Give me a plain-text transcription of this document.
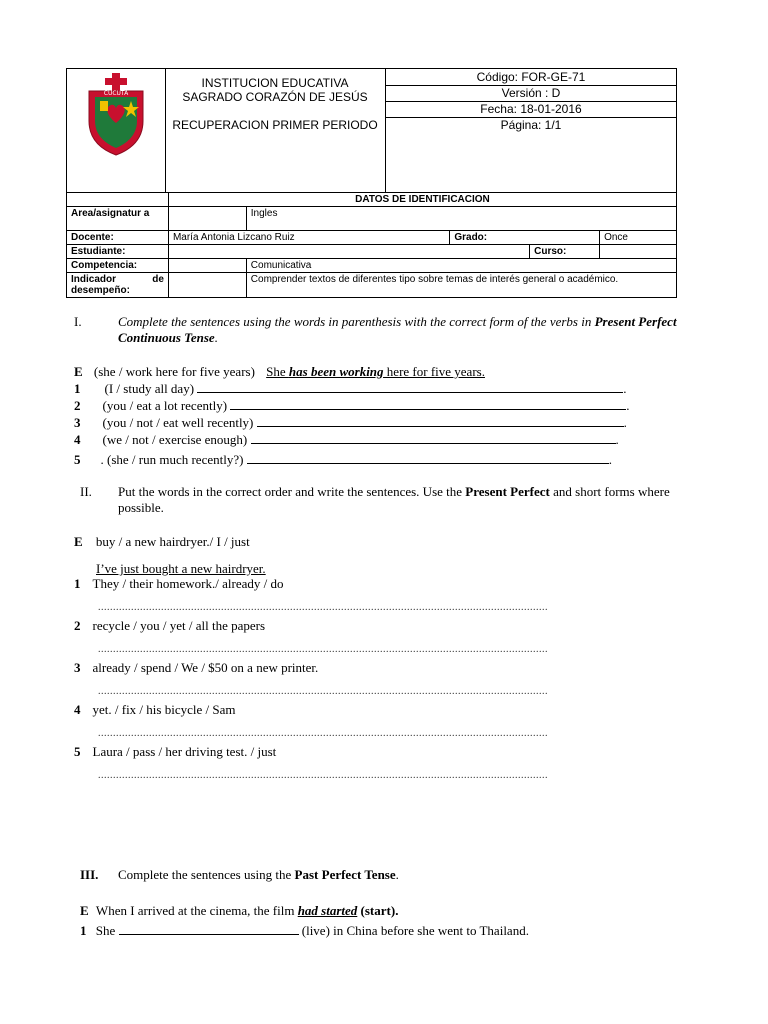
CUCUTA
INSTITUCION EDUCATIVA
SAGRADO CORAZÓN DE JESÚS
RECUPERACION PRIMER PERIODO
Código: FOR-GE-71
Versión : D
Fecha: 18-01-2016
Página: 1/1
	DATOS DE IDENTIFICACION				
Area/asignatur a		Ingles			
Docente:	María Antonia Lizcano Ruiz		Grado:		Once
Estudiante:				Curso:	
Competencia:		Comunicativa			
Indicador de desempeño:		Comprender textos de diferentes tipo sobre temas de interés general o académico.			
I.	Complete the sentences using the words in parenthesis with the correct form of the verbs in Present Perfect Continuous Tense.
E (she / work here for five years) She has been working here for five years.
1 (I / study all day)	.
2 (you / eat a lot recently)	.
3 (you / not / eat well recently)	.
4 (we / not / exercise enough)	.
5 . (she / run much recently?)	.
II. Put the words in the correct order and write the sentences. Use the Present Perfect and short forms where possible.
E buy / a new hairdryer./ I / just
I’ve just bought a new hairdryer.
1 They / their homework./ already / do
......................................................................................................................................................
2 recycle / you / yet / all the papers
......................................................................................................................................................
3 already / spend / We / $50 on a new printer.
......................................................................................................................................................
4 yet. / fix / his bicycle / Sam
......................................................................................................................................................
5 Laura / pass / her driving test. / just
......................................................................................................................................................
III. Complete the sentences using the Past Perfect Tense.
E When I arrived at the cinema, the film had started (start).
1 She	(live) in China before she went to Thailand.
